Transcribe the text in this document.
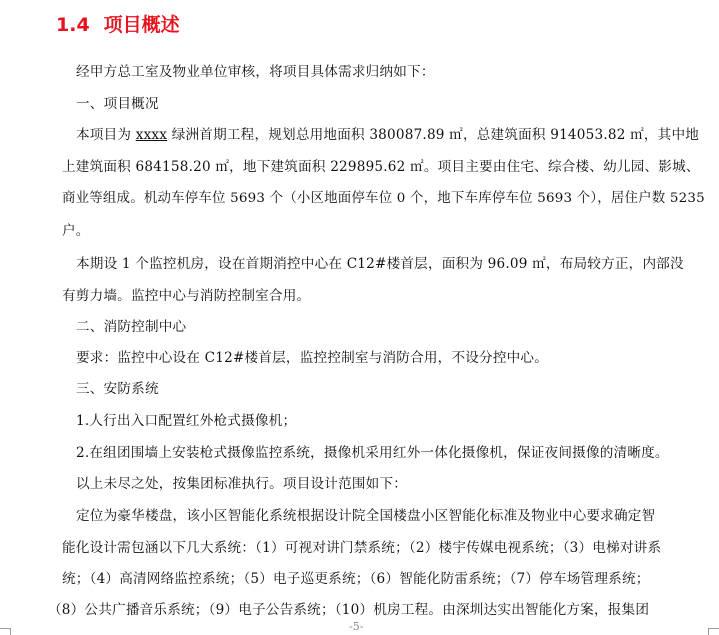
1.4 项目概述
经甲方总工室及物业单位审核，将项目具体需求归纳如下：
一、项目概况
本项目为 xxxx 绿洲首期工程，规划总用地面积 380087.89 ㎡，总建筑面积 914053.82 ㎡，其中地
上建筑面积 684158.20 ㎡，地下建筑面积 229895.62 ㎡。项目主要由住宅、综合楼、幼儿园、影城、
商业等组成。机动车停车位 5693 个（小区地面停车位 0 个，地下车库停车位 5693 个），居住户数 5235
户。
本期设 1 个监控机房，设在首期消控中心在 C12#楼首层，面积为 96.09 ㎡，布局较方正，内部没
有剪力墙。监控中心与消防控制室合用。
二、消防控制中心
要求：监控中心设在 C12#楼首层，监控控制室与消防合用，不设分控中心。
三、安防系统
1.人行出入口配置红外枪式摄像机；
2.在组团围墙上安装枪式摄像监控系统，摄像机采用红外一体化摄像机，保证夜间摄像的清晰度。
以上未尽之处，按集团标准执行。项目设计范围如下：
定位为豪华楼盘，该小区智能化系统根据设计院全国楼盘小区智能化标准及物业中心要求确定智
能化设计需包涵以下几大系统：（1）可视对讲门禁系统；（2）楼宇传媒电视系统；（3）电梯对讲系
统；（4）高清网络监控系统；（5）电子巡更系统；（6）智能化防雷系统；（7）停车场管理系统；
（8）公共广播音乐系统；（9）电子公告系统；（10）机房工程。由深圳达实出智能化方案，报集团
-5-
